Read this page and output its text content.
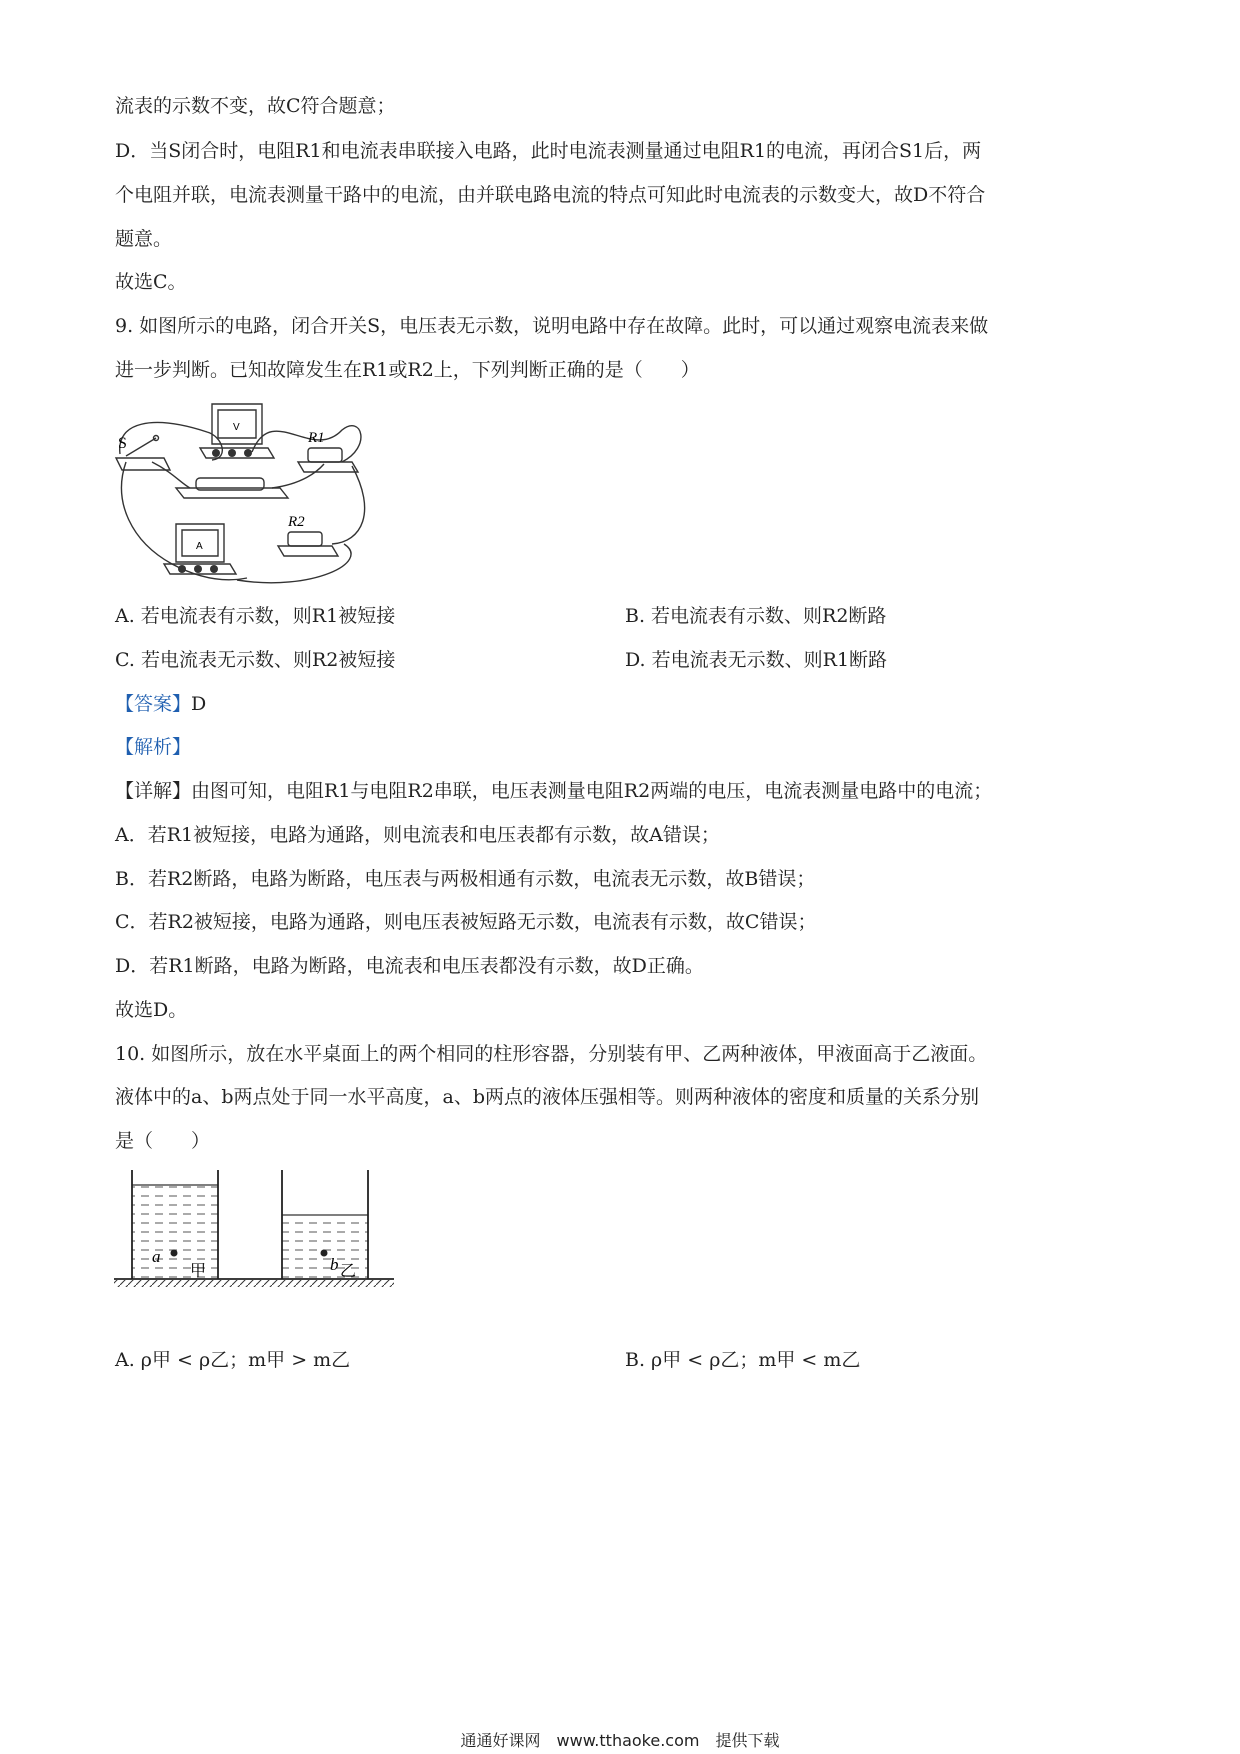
流表的示数不变，故C符合题意；
D．当S闭合时，电阻R1和电流表串联接入电路，此时电流表测量通过电阻R1的电流，再闭合S1后，两
个电阻并联，电流表测量干路中的电流，由并联电路电流的特点可知此时电流表的示数变大，故D不符合
题意。
故选C。
9. 如图所示的电路，闭合开关S，电压表无示数，说明电路中存在故障。此时，可以通过观察电流表来做
进一步判断。已知故障发生在R1或R2上，下列判断正确的是（　　）
S	R1
R2
V
A
A. 若电流表有示数，则R1被短接	B. 若电流表有示数、则R2断路
C. 若电流表无示数、则R2被短接	D. 若电流表无示数、则R1断路
【答案】D
【解析】
【详解】由图可知，电阻R1与电阻R2串联，电压表测量电阻R2两端的电压，电流表测量电路中的电流；
A．若R1被短接，电路为通路，则电流表和电压表都有示数，故A错误；
B．若R2断路，电路为断路，电压表与两极相通有示数，电流表无示数，故B错误；
C．若R2被短接，电路为通路，则电压表被短路无示数，电流表有示数，故C错误；
D．若R1断路，电路为断路，电流表和电压表都没有示数，故D正确。
故选D。
10. 如图所示，放在水平桌面上的两个相同的柱形容器，分别装有甲、乙两种液体，甲液面高于乙液面。
液体中的a、b两点处于同一水平高度，a、b两点的液体压强相等。则两种液体的密度和质量的关系分别
是（　　）
a	b
甲	乙
A. ρ甲 < ρ乙；m甲 > m乙	B. ρ甲 < ρ乙；m甲 < m乙
通通好课网　www.tthaoke.com　提供下载
